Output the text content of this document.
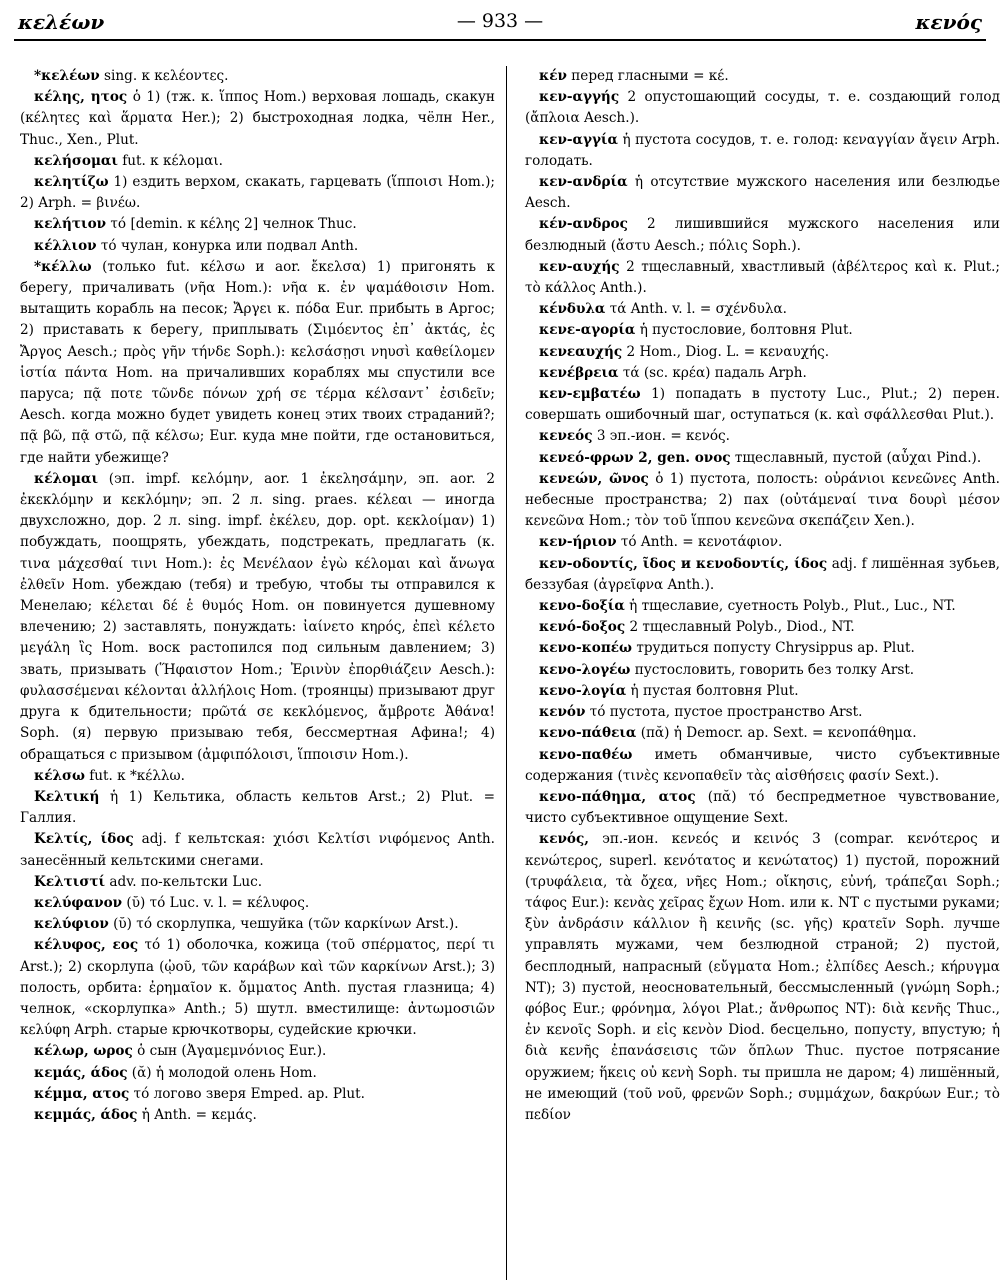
κελέων	— 933 —	κενός

*κελέων sing. к κελέοντες.

κέλης, ητος ὁ 1) (тж. κ. ἵππος Hom.) верховая лошадь, скакун (κέλητες καὶ ἅρματα Her.); 2) быстроходная лодка, чёлн Her., Thuc., Xen., Plut.

κελήσομαι fut. к κέλομαι.

κελητίζω 1) ездить верхом, скакать, гарцевать (ἵπποισι Hom.); 2) Arph. = βινέω.

κελήτιον τό [demin. к κέλης 2] челнок Thuc.

κέλλιον τό чулан, конурка или подвал Anth.

*κέλλω (только fut. κέλσω и aor. ἔκελσα) 1) пригонять к берегу, причаливать (νῆα Hom.): νῆα κ. ἐν ψαμάθοισιν Hom. вытащить корабль на песок; Ἄργει κ. πόδα Eur. прибыть в Аргос; 2) приставать к берегу, приплывать (Σιμόεντος ἐπ᾽ ἀκτάς, ἐς Ἄργος Aesch.; πρὸς γῆν τήνδε Soph.): κελσάσῃσι νηυσὶ καθείλομεν ἱστία πάντα Hom. на причаливших кораблях мы спустили все паруса; πᾷ ποτε τῶνδε πόνων χρή σε τέρμα κέλσαντ᾽ ἐσιδεῖν; Aesch. когда можно будет увидеть конец этих твоих страданий?; πᾷ βῶ, πᾷ στῶ, πᾷ κέλσω; Eur. куда мне пойти, где остановиться, где найти убежище?

κέλομαι (эп. impf. κελόμην, aor. 1 ἐκελησάμην, эп. aor. 2 ἐκεκλόμην и κεκλόμην; эп. 2 л. sing. praes. κέλεαι — иногда двухсложно, дор. 2 л. sing. impf. ἐκέλευ, дор. opt. κεκλοίμαν) 1) побуждать, поощрять, убеждать, подстрекать, предлагать (κ. τινα μάχεσθαί τινι Hom.): ἐς Μενέλαον ἐγὼ κέλομαι καὶ ἄνωγα ἐλθεῖν Hom. убеждаю (тебя) и требую, чтобы ты отправился к Менелаю; κέλεται δέ ἑ θυμός Hom. он повинуется душевному влечению; 2) заставлять, понуждать: ἰαίνετο κηρός, ἐπεὶ κέλετο μεγάλη ἲς Hom. воск растопился под сильным давлением; 3) звать, призывать (Ἥφαιστον Hom.; Ἐρινὺν ἐπορθιάζειν Aesch.): φυλασσέμεναι κέλονται ἀλλήλοις Hom. (троянцы) призывают друг друга к бдительности; πρῶτά σε κεκλόμενος, ἄμβροτε Ἀθάνα! Soph. (я) первую призываю тебя, бессмертная Афина!; 4) обращаться с призывом (ἀμφιπόλοισι, ἵπποισιν Hom.).

κέλσω fut. к *κέλλω.

Κελτική ἡ 1) Кельтика, область кельтов Arst.; 2) Plut. = Галлия.

Κελτίς, ίδος adj. f кельтская: χιόσι Κελτίσι νιφόμενος Anth. занесённый кельтскими снегами.

Κελτιστί adv. по-кельтски Luc.

κελύφανον (ῠ) τό Luc. v. l. = κέλυφος.

κελύφιον (ῠ) τό скорлупка, чешуйка (τῶν καρκίνων Arst.).

κέλυφος, εος τό 1) оболочка, кожица (τοῦ σπέρματος, περί τι Arst.); 2) скорлупа (ᾠοῦ, τῶν καράβων καὶ τῶν καρκίνων Arst.); 3) полость, орбита: ἐρημαῖον κ. ὄμματος Anth. пустая глазница; 4) челнок, «скорлупка» Anth.; 5) шутл. вместилище: ἀντωμοσιῶν κελύφη Arph. старые крючкотворы, судейские крючки.

κέλωρ, ωρος ὁ сын (Ἀγαμεμνόνιος Eur.).

κεμάς, άδος (ᾰ) ἡ молодой олень Hom.

κέμμα, ατος τό логово зверя Emped. ap. Plut.

κεμμάς, άδος ἡ Anth. = κεμάς.

κέν перед гласными = κέ.

κεν-αγγής 2 опустошающий сосуды, т. е. создающий голод (ἄπλοια Aesch.).

κεν-αγγία ἡ пустота сосудов, т. е. голод: κεναγγίαν ἄγειν Arph. голодать.

κεν-ανδρία ἡ отсутствие мужского населения или безлюдье Aesch.

κέν-ανδρος 2 лишившийся мужского населения или безлюдный (ἄστυ Aesch.; πόλις Soph.).

κεν-αυχής 2 тщеславный, хвастливый (ἀβέλτερος καὶ κ. Plut.; τὸ κάλλος Anth.).

κένδυλα τά Anth. v. l. = σχένδυλα.

κενε-αγορία ἡ пустословие, болтовня Plut.

κενεαυχής 2 Hom., Diog. L. = κεναυχής.

κενέβρεια τά (sc. κρέα) падаль Arph.

κεν-εμβατέω 1) попадать в пустоту Luc., Plut.; 2) перен. совершать ошибочный шаг, оступаться (κ. καὶ σφάλλεσθαι Plut.).

κενεός 3 эп.-ион. = κενός.

κενεό-φρων 2, gen. ονος тщеславный, пустой (αὖχαι Pind.).

κενεών, ῶνος ὁ 1) пустота, полость: οὐράνιοι κενεῶνες Anth. небесные пространства; 2) пах (οὐτάμεναί τινα δουρὶ μέσον κενεῶνα Hom.; τὸν τοῦ ἵππου κενεῶνα σκεπάζειν Xen.).

κεν-ήριον τό Anth. = κενοτάφιον.

κεν-οδοντίς, ῖδος и κενοδοντίς, ίδος adj. f лишённая зубьев, беззубая (ἀγρεῖφνα Anth.).

κενο-δοξία ἡ тщеславие, суетность Polyb., Plut., Luc., NT.

κενό-δοξος 2 тщеславный Polyb., Diod., NT.

κενο-κοπέω трудиться попусту Chrysippus ap. Plut.

κενο-λογέω пустословить, говорить без толку Arst.

κενο-λογία ἡ пустая болтовня Plut.

κενόν τό пустота, пустое пространство Arst.

κενο-πάθεια (πᾰ) ἡ Democr. ap. Sext. = κενοπάθημα.

κενο-παθέω иметь обманчивые, чисто субъективные содержания (τινὲς κενοπαθεῖν τὰς αἰσθήσεις φασίν Sext.).

κενο-πάθημα, ατος (πᾰ) τό беспредметное чувствование, чисто субъективное ощущение Sext.

κενός, эп.-ион. κενεός и κεινός 3 (compar. κενότερος и κενώτερος, superl. κενότατος и κενώτατος) 1) пустой, порожний (τρυφάλεια, τὰ ὄχεα, νῆες Hom.; οἴκησις, εὐνή, τράπεζαι Soph.; τάφος Eur.): κενὰς χεῖρας ἔχων Hom. или κ. NT с пустыми руками; ξὺν ἀνδράσιν κάλλιον ἢ κεινῆς (sc. γῆς) κρατεῖν Soph. лучше управлять мужами, чем безлюдной страной; 2) пустой, бесплодный, напрасный (εὔγματα Hom.; ἐλπίδες Aesch.; κήρυγμα NT); 3) пустой, неосновательный, бессмысленный (γνώμη Soph.; φόβος Eur.; φρόνημα, λόγοι Plat.; ἄνθρωπος NT): διὰ κενῆς Thuc., ἐν κενοῖς Soph. и εἰς κενὸν Diod. бесцельно, попусту, впустую; ἡ διὰ κενῆς ἐπανάσεισις τῶν ὅπλων Thuc. пустое потрясание оружием; ἥκεις οὐ κενὴ Soph. ты пришла не даром; 4) лишённый, не имеющий (τοῦ νοῦ, φρενῶν Soph.; συμμάχων, δακρύων Eur.; τὸ πεδίον
